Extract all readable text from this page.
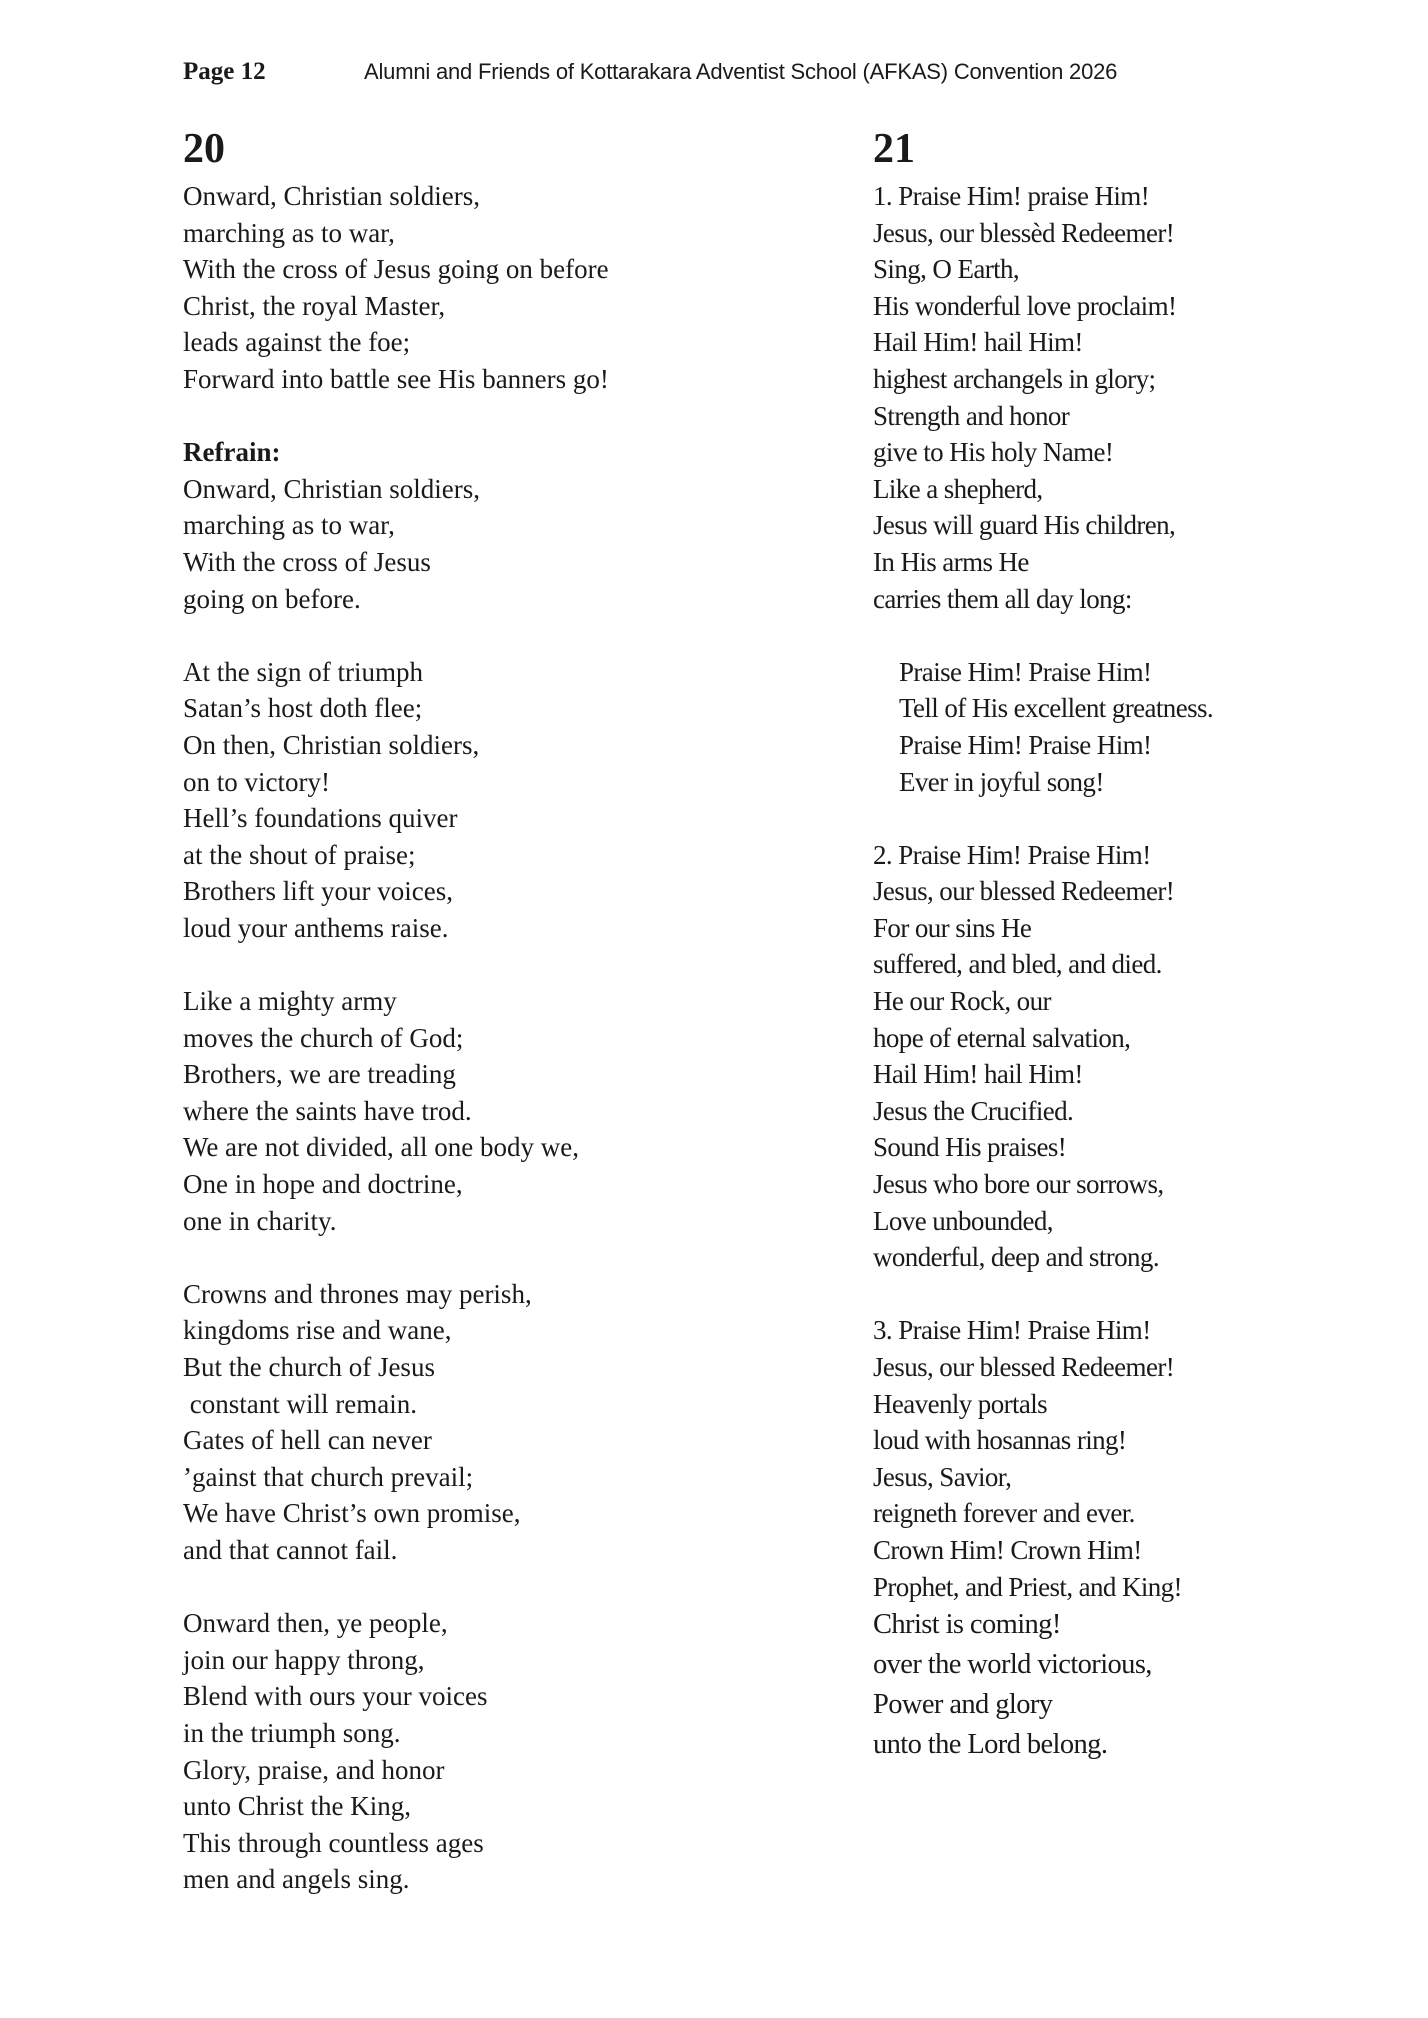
Page 12	Alumni and Friends of Kottarakara Adventist School (AFKAS) Convention 2026
20
Onward, Christian soldiers,
marching as to war,
With the cross of Jesus going on before
Christ, the royal Master,
leads against the foe;
Forward into battle see His banners go!
Refrain:
Onward, Christian soldiers,
marching as to war,
With the cross of Jesus
going on before.
At the sign of triumph
Satan’s host doth flee;
On then, Christian soldiers,
on to victory!
Hell’s foundations quiver
at the shout of praise;
Brothers lift your voices,
loud your anthems raise.
Like a mighty army
moves the church of God;
Brothers, we are treading
where the saints have trod.
We are not divided, all one body we,
One in hope and doctrine,
one in charity.
Crowns and thrones may perish,
kingdoms rise and wane,
But the church of Jesus
constant will remain.
Gates of hell can never
’gainst that church prevail;
We have Christ’s own promise,
and that cannot fail.
Onward then, ye people,
join our happy throng,
Blend with ours your voices
in the triumph song.
Glory, praise, and honor
unto Christ the King,
This through countless ages
men and angels sing.
21
1. Praise Him! praise Him!
Jesus, our blessèd Redeemer!
Sing, O Earth,
His wonderful love proclaim!
Hail Him! hail Him!
highest archangels in glory;
Strength and honor
give to His holy Name!
Like a shepherd,
Jesus will guard His children,
In His arms He
carries them all day long:
Praise Him! Praise Him!
Tell of His excellent greatness.
Praise Him! Praise Him!
Ever in joyful song!
2. Praise Him! Praise Him!
Jesus, our blessed Redeemer!
For our sins He
suffered, and bled, and died.
He our Rock, our
hope of eternal salvation,
Hail Him! hail Him!
Jesus the Crucified.
Sound His praises!
Jesus who bore our sorrows,
Love unbounded,
wonderful, deep and strong.
3. Praise Him! Praise Him!
Jesus, our blessed Redeemer!
Heavenly portals
loud with hosannas ring!
Jesus, Savior,
reigneth forever and ever.
Crown Him! Crown Him!
Prophet, and Priest, and King!
Christ is coming!
over the world victorious,
Power and glory
unto the Lord belong.
